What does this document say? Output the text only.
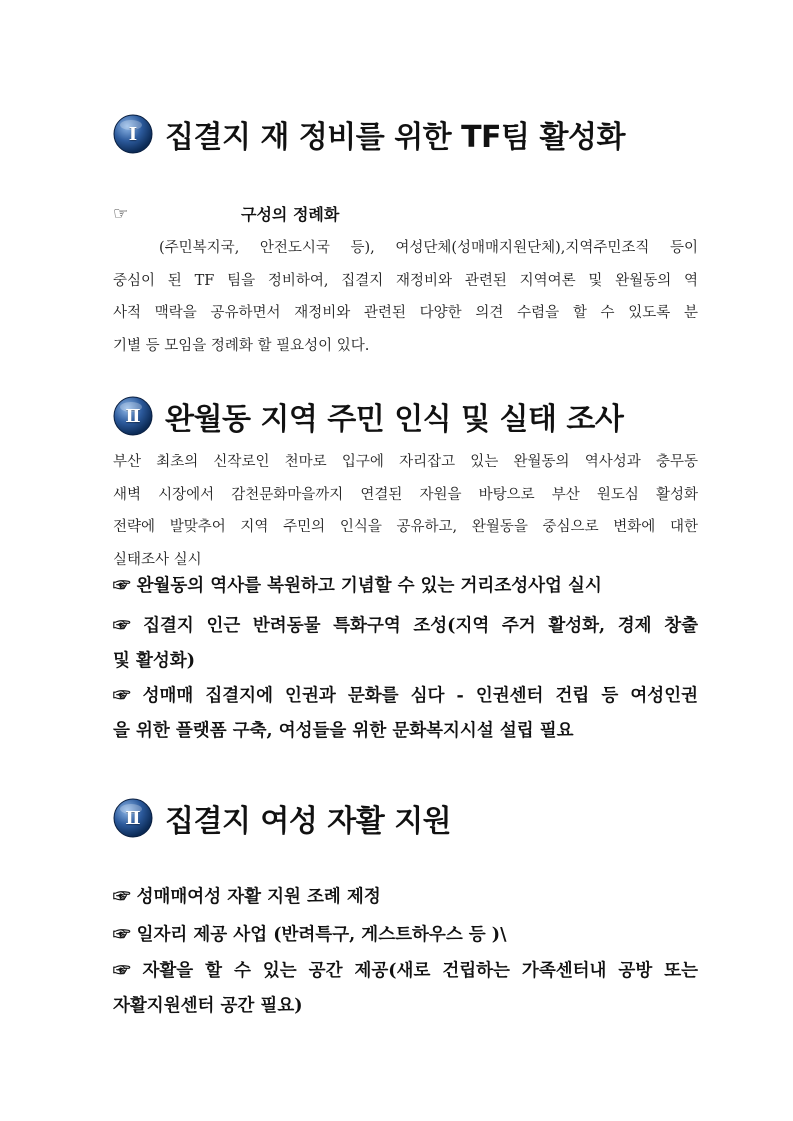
Ⅰ 집결지 재 정비를 위한 TF팀 활성화
☞	구성의 정례화
(주민복지국, 안전도시국 등), 여성단체(성매매지원단체),지역주민조직 등이
중심이 된 TF 팀을 정비하여, 집결지 재정비와 관련된 지역여론 및 완월동의 역
사적 맥락을 공유하면서 재정비와 관련된 다양한 의견 수렴을 할 수 있도록 분
기별 등 모임을 정례화 할 필요성이 있다.
Ⅱ 완월동 지역 주민 인식 및 실태 조사
부산 최초의 신작로인 천마로 입구에 자리잡고 있는 완월동의 역사성과 충무동
새벽 시장에서 감천문화마을까지 연결된 자원을 바탕으로 부산 원도심 활성화
전략에 발맞추어 지역 주민의 인식을 공유하고, 완월동을 중심으로 변화에 대한
실태조사 실시
☞ 완월동의 역사를 복원하고 기념할 수 있는 거리조성사업 실시
☞ 집결지 인근 반려동물 특화구역 조성(지역 주거 활성화, 경제 창출
및 활성화)
☞ 성매매 집결지에 인권과 문화를 심다 - 인권센터 건립 등 여성인권
을 위한 플랫폼 구축, 여성들을 위한 문화복지시설 설립 필요
Ⅱ 집결지 여성 자활 지원
☞ 성매매여성 자활 지원 조례 제정
☞ 일자리 제공 사업 (반려특구, 게스트하우스 등 )\
☞ 자활을 할 수 있는 공간 제공(새로 건립하는 가족센터내 공방 또는
자활지원센터 공간 필요)
